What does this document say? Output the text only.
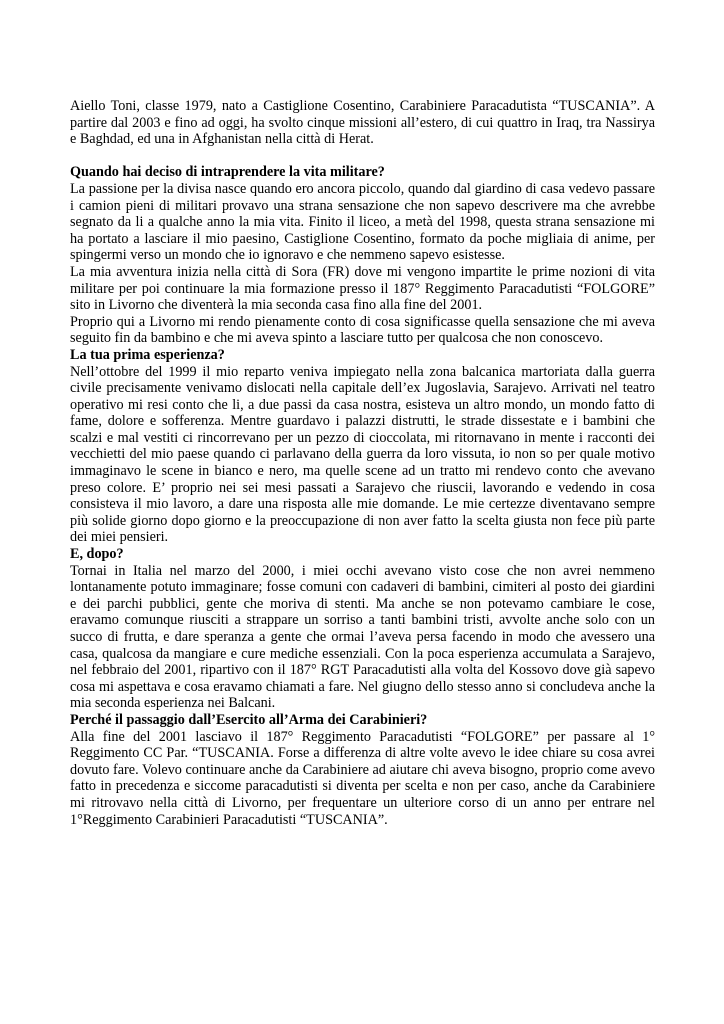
Aiello Toni, classe 1979, nato a Castiglione Cosentino, Carabiniere Paracadutista “TUSCANIA”. A partire dal 2003 e fino ad oggi, ha svolto cinque missioni all’estero, di cui quattro in Iraq, tra Nassirya e Baghdad, ed una in Afghanistan nella città di Herat.

Quando hai deciso di intraprendere la vita militare?

La passione per la divisa nasce quando ero ancora piccolo, quando dal giardino di casa vedevo passare i camion pieni di militari provavo una strana sensazione che non sapevo descrivere ma che avrebbe segnato da li a qualche anno la mia vita. Finito il liceo, a metà del 1998, questa strana sensazione mi ha portato a lasciare il mio paesino, Castiglione Cosentino, formato da poche migliaia di anime, per spingermi verso un mondo che io ignoravo e che nemmeno sapevo esistesse.

La mia avventura inizia nella città di Sora (FR) dove mi vengono impartite le prime nozioni di vita militare per poi continuare la mia formazione presso il 187° Reggimento Paracadutisti “FOLGORE” sito in Livorno che diventerà la mia seconda casa fino alla fine del 2001.

Proprio qui a Livorno mi rendo pienamente conto di cosa significasse quella sensazione che mi aveva seguito fin da bambino e che mi aveva spinto a lasciare tutto per qualcosa che non conoscevo.

La tua prima esperienza?

Nell’ottobre del 1999 il mio reparto veniva impiegato nella zona balcanica martoriata dalla guerra civile precisamente venivamo dislocati nella capitale dell’ex Jugoslavia, Sarajevo. Arrivati nel teatro operativo mi resi conto che li, a due passi da casa nostra, esisteva un altro mondo, un mondo fatto di fame, dolore e sofferenza. Mentre guardavo i palazzi distrutti, le strade dissestate e i bambini che scalzi e mal vestiti ci rincorrevano per un pezzo di cioccolata, mi ritornavano in mente i racconti dei vecchietti del mio paese quando ci parlavano della guerra da loro vissuta, io non so per quale motivo immaginavo le scene in bianco e nero, ma quelle scene ad un tratto mi rendevo conto che avevano preso colore. E’ proprio nei sei mesi passati a Sarajevo che riuscii, lavorando e vedendo in cosa consisteva il mio lavoro, a dare una risposta alle mie domande. Le mie certezze diventavano sempre più solide giorno dopo giorno e la preoccupazione di non aver fatto la scelta giusta non fece più parte dei miei pensieri.

E, dopo?

Tornai in Italia nel marzo del 2000, i miei occhi avevano visto cose che non avrei nemmeno lontanamente potuto immaginare; fosse comuni con cadaveri di bambini, cimiteri al posto dei giardini e dei parchi pubblici, gente che moriva di stenti. Ma anche se non potevamo cambiare le cose, eravamo comunque riusciti a strappare un sorriso a tanti bambini tristi, avvolte anche solo con un succo di frutta, e dare speranza a gente che ormai l’aveva persa facendo in modo che avessero una casa, qualcosa da mangiare e cure mediche essenziali. Con la poca esperienza accumulata a Sarajevo, nel febbraio del 2001, ripartivo con il 187° RGT Paracadutisti alla volta del Kossovo dove già sapevo cosa mi aspettava e cosa eravamo chiamati a fare. Nel giugno dello stesso anno si concludeva anche la mia seconda esperienza nei Balcani.

Perché il passaggio dall’Esercito all’Arma dei Carabinieri?

Alla fine del 2001 lasciavo il 187° Reggimento Paracadutisti “FOLGORE” per passare al 1° Reggimento CC Par. “TUSCANIA. Forse a differenza di altre volte avevo le idee chiare su cosa avrei dovuto fare. Volevo continuare anche da Carabiniere ad aiutare chi aveva bisogno, proprio come avevo fatto in precedenza e siccome paracadutisti si diventa per scelta e non per caso, anche da Carabiniere mi ritrovavo nella città di Livorno, per frequentare un ulteriore corso di un anno per entrare nel 1°Reggimento Carabinieri Paracadutisti “TUSCANIA”.
